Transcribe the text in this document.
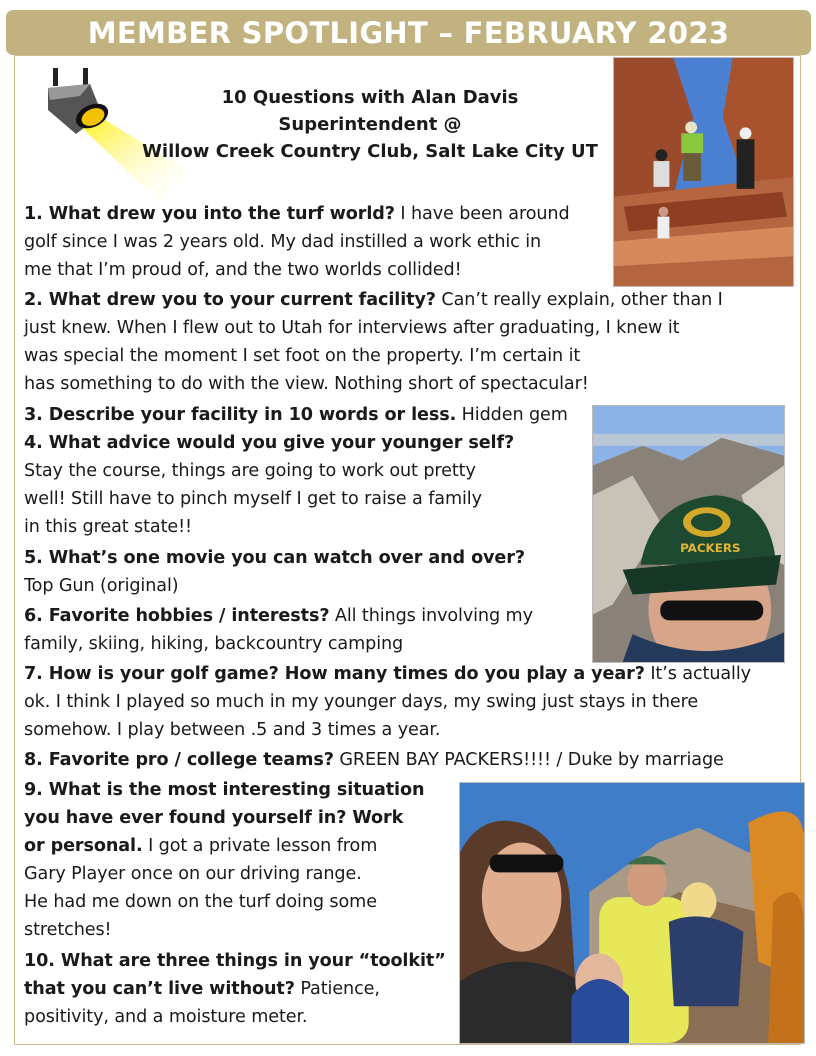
MEMBER SPOTLIGHT – FEBRUARY 2023
10 Questions with Alan Davis
Superintendent @
Willow Creek Country Club, Salt Lake City UT
PACKERS
1. What drew you into the turf world? I have been around
golf since I was 2 years old. My dad instilled a work ethic in
me that I’m proud of, and the two worlds collided!
2. What drew you to your current facility? Can’t really explain, other than I
just knew. When I flew out to Utah for interviews after graduating, I knew it
was special the moment I set foot on the property. I’m certain it
has something to do with the view. Nothing short of spectacular!
3. Describe your facility in 10 words or less. Hidden gem
4. What advice would you give your younger self?
Stay the course, things are going to work out pretty
well! Still have to pinch myself I get to raise a family
in this great state!!
5. What’s one movie you can watch over and over?
Top Gun (original)
6. Favorite hobbies / interests? All things involving my
family, skiing, hiking, backcountry camping
7. How is your golf game? How many times do you play a year? It’s actually
ok. I think I played so much in my younger days, my swing just stays in there
somehow. I play between .5 and 3 times a year.
8. Favorite pro / college teams? GREEN BAY PACKERS!!!! / Duke by marriage
9. What is the most interesting situation
you have ever found yourself in? Work
or personal. I got a private lesson from
Gary Player once on our driving range.
He had me down on the turf doing some
stretches!
10. What are three things in your “toolkit”
that you can’t live without? Patience,
positivity, and a moisture meter.
